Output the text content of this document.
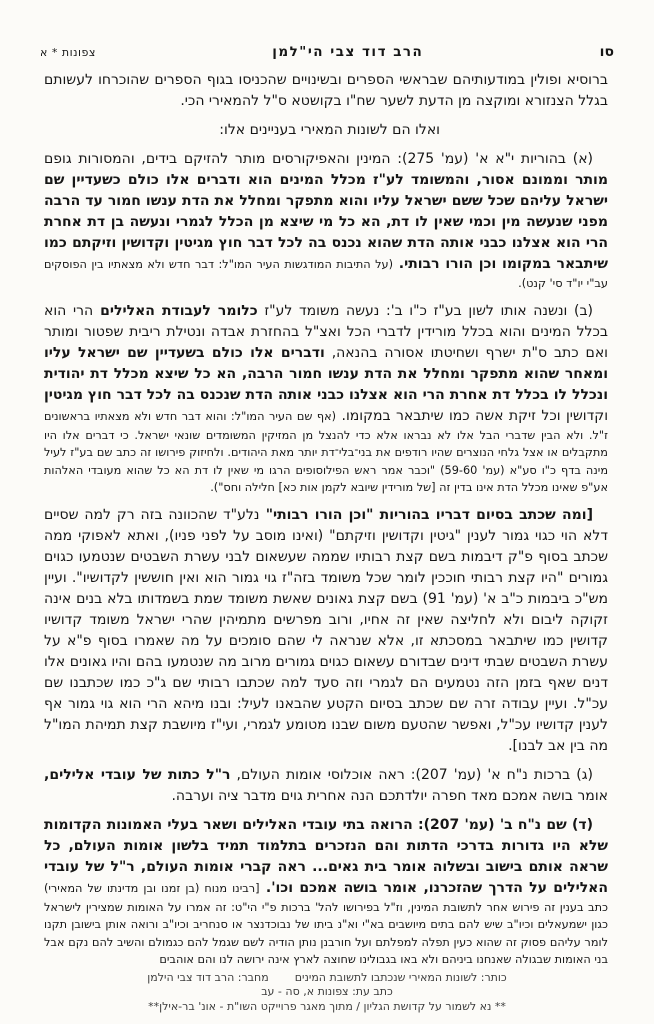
סו
הרב דוד צבי הי"למן
צפונות * א
ברוסיא ופולין במודעותיהם שבראשי הספרים ובשינויים שהכניסו בגוף הספרים שהוכרחו לעשותם בגלל הצנזורא ומוקצה מן הדעת לשער שח"ו בקושטא ס"ל להמאירי הכי.
ואלו הם לשונות המאירי בעניינים אלו:
(א) בהוריות י"א א' (עמ' 275): המינין והאפיקורסים מותר להזיקם בידים, והמסורות גופם מותר וממונם אסור, והמשומד לע"ז מכלל המינים הוא ודברים אלו כולם כשעדיין שם ישראל עליהם שכל ששם ישראל עליו והוא מתפקר ומחלל את הדת ענשו חמור עד הרבה מפני שנעשה מין וכמי שאין לו דת, הא כל מי שיצא מן הכלל לגמרי ונעשה בן דת אחרת הרי הוא אצלנו כבני אותה הדת שהוא נכנס בה לכל דבר חוץ מגיטין וקדושין וזיקתם כמו שיתבאר במקומו וכן הורו רבותי. (על התיבות המודגשות העיר המו"ל: דבר חדש ולא מצאתיו בין הפוסקים עב"י יו"ד סי' קנט).
(ב) ונשנה אותו לשון בע"ז כ"ו ב': נעשה משומד לע"ז כלומר לעבודת האלילים הרי הוא בכלל המינים והוא בכלל מורידין לדברי הכל ואצ"ל בהחזרת אבדה ונטילת ריבית שפטור ומותר ואם כתב ס"ת ישרף ושחיטתו אסורה בהנאה, ודברים אלו כולם בשעדיין שם ישראל עליו ומאחר שהוא מתפקר ומחלל את הדת ענשו חמור הרבה, הא כל שיצא מכלל דת יהודית ונכלל לו בכלל דת אחרת הרי הוא אצלנו כבני אותה הדת שנכנס בה לכל דבר חוץ מגיטין וקדושין וכל זיקת אשה כמו שיתבאר במקומו. (אף שם העיר המו"ל: והוא דבר חדש ולא מצאתיו בראשונים ז"ל. ולא הבין שדברי הבל אלו לא נבראו אלא כדי להנצל מן המזיקין המשומדים שונאי ישראל. כי דברים אלו היו מתקבלים או אצל גלחי הנוצרים שהיו רודפים את בני־בלי־דת יותר מאת היהודים. ולחיזוק פירושו זה כתב שם בע"ז לעיל מינה בדף כ"ו סע"א (עמ' 59-60) "וכבר אמר ראש הפילוסופים הרגו מי שאין לו דת הא כל שהוא מעובדי האלהות אע"פ שאינו מכלל הדת אינו בדין זה [של מורידין שיובא לקמן אות כא] חלילה וחס").
[ומה שכתב בסיום דבריו בהוריות "וכן הורו רבותי" נלע"ד שהכוונה בזה רק למה שסיים דלא הוי כגוי גמור לענין "גיטין וקדושין וזיקתם" (ואינו מוסב על לפני פניו), ואתא לאפוקי ממה שכתב בסוף פ"ק דיבמות בשם קצת רבותיו שממה שעשאום לבני עשרת השבטים שנטמעו כגוים גמורים "היו קצת רבותי חוככין לומר שכל משומד בזה"ז גוי גמור הוא ואין חוששין לקדושיו". ועיין מש"כ ביבמות כ"ב א' (עמ' 91) בשם קצת גאונים שאשת משומד שמת בשמדותו בלא בנים אינה זקוקה ליבום ולא לחליצה שאין זה אחיו, ורוב מפרשים מתמיהין שהרי ישראל משומד קדושיו קדושין כמו שיתבאר במסכתא זו, אלא שנראה לי שהם סומכים על מה שאמרו בסוף פ"א על עשרת השבטים שבתי דינים שבדורם עשאום כגוים גמורים מרוב מה שנטמעו בהם והיו גאונים אלו דנים שאף בזמן הזה נטמעים הם לגמרי וזה סעד למה שכתבו רבותי שם ג"כ כמו שכתבנו שם עכ"ל. ועיין עבודה זרה שם שכתב בסיום הקטע שהבאנו לעיל: ובנו מיהא הרי הוא גוי גמור אף לענין קדושיו עכ"ל, ואפשר שהטעם משום שבנו מטומע לגמרי, ועי"ז מיושבת קצת תמיהת המו"ל מה בין אב לבנו].
(ג) ברכות נ"ח א' (עמ' 207): ראה אוכלוסי אומות העולם, ר"ל כתות של עובדי אלילים, אומר בושה אמכם מאד חפרה יולדתכם הנה אחרית גוים מדבר ציה וערבה.
(ד) שם נ"ח ב' (עמ' 207): הרואה בתי עובדי האלילים ושאר בעלי האמונות הקדומות שלא היו גדורות בדרכי הדתות והם הנזכרים בתלמוד תמיד בלשון אומות העולם, כל שראה אותם בישוב ובשלוה אומר בית גאים... ראה קברי אומות העולם, ר"ל של עובדי האלילים על הדרך שהזכרנו, אומר בושה אמכם וכו'. [רבינו מנוח (בן זמנו ובן מדינתו של המאירי) כתב בענין זה פירוש אחר לתשובת המינין, וז"ל בפירושו להל' ברכות פ"י הי"ט: זה אמרו על האומות שמצירין לישראל כגון ישמעאלים וכיו"ב שיש להם בתים מיושבים בא"י וא"נ ביתו של נבוכדנצר או סנחריב וכיו"ב ורואה אותן בישובן תקנו לומר עליהם פסוק זה שהוא כעין תפלה למפלתם ועל חורבנן נותן הודיה לשם שגמל להם כגמולם והשיב להם נקם אבל בני האומות שבגולה שאנחנו ביניהם ולא באו בגבולינו שחוצה לארץ אינה ירושה לנו והם אוהבים
כותר: לשונות המאירי שנכתבו לתשובת המיניםמחבר: הרב דוד צבי הילמן
כתב עת: צפונות א, סה - עב
** נא לשמור על קדושת הגליון / מתוך מאגר פרוייקט השו"ת - אונ' בר-אילן**
